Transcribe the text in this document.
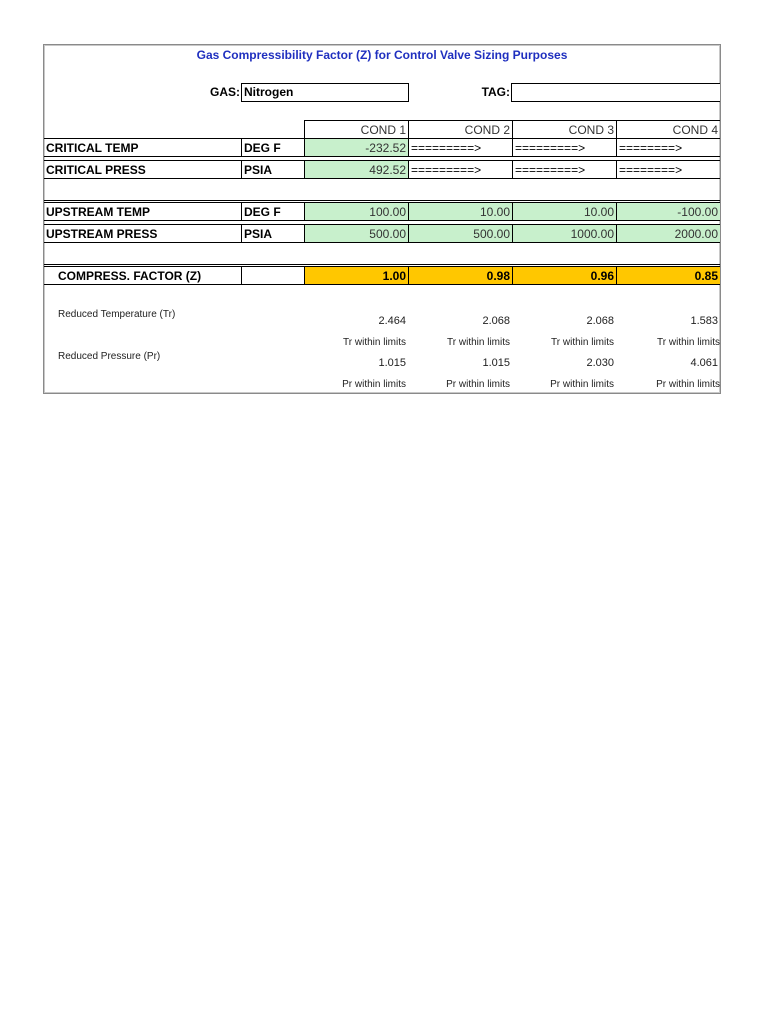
Gas Compressibility Factor (Z) for Control Valve Sizing Purposes
GAS: Nitrogen	TAG:
COND 1	COND 2	COND 3	COND 4
CRITICAL TEMP	DEG F	-232.52 =========>	=========>	========>
CRITICAL PRESS	PSIA	492.52 =========>	=========>	========>
UPSTREAM TEMP	DEG F	100.00	10.00	10.00	-100.00
UPSTREAM PRESS	PSIA	500.00	500.00	1000.00	2000.00
COMPRESS. FACTOR (Z)	1.00	0.98	0.96	0.85
Reduced Temperature (Tr)
2.464	2.068	2.068	1.583
Tr within limits	Tr within limits	Tr within limits	Tr within limits
Reduced Pressure (Pr)
1.015	1.015	2.030	4.061
Pr within limits	Pr within limits	Pr within limits	Pr within limits
